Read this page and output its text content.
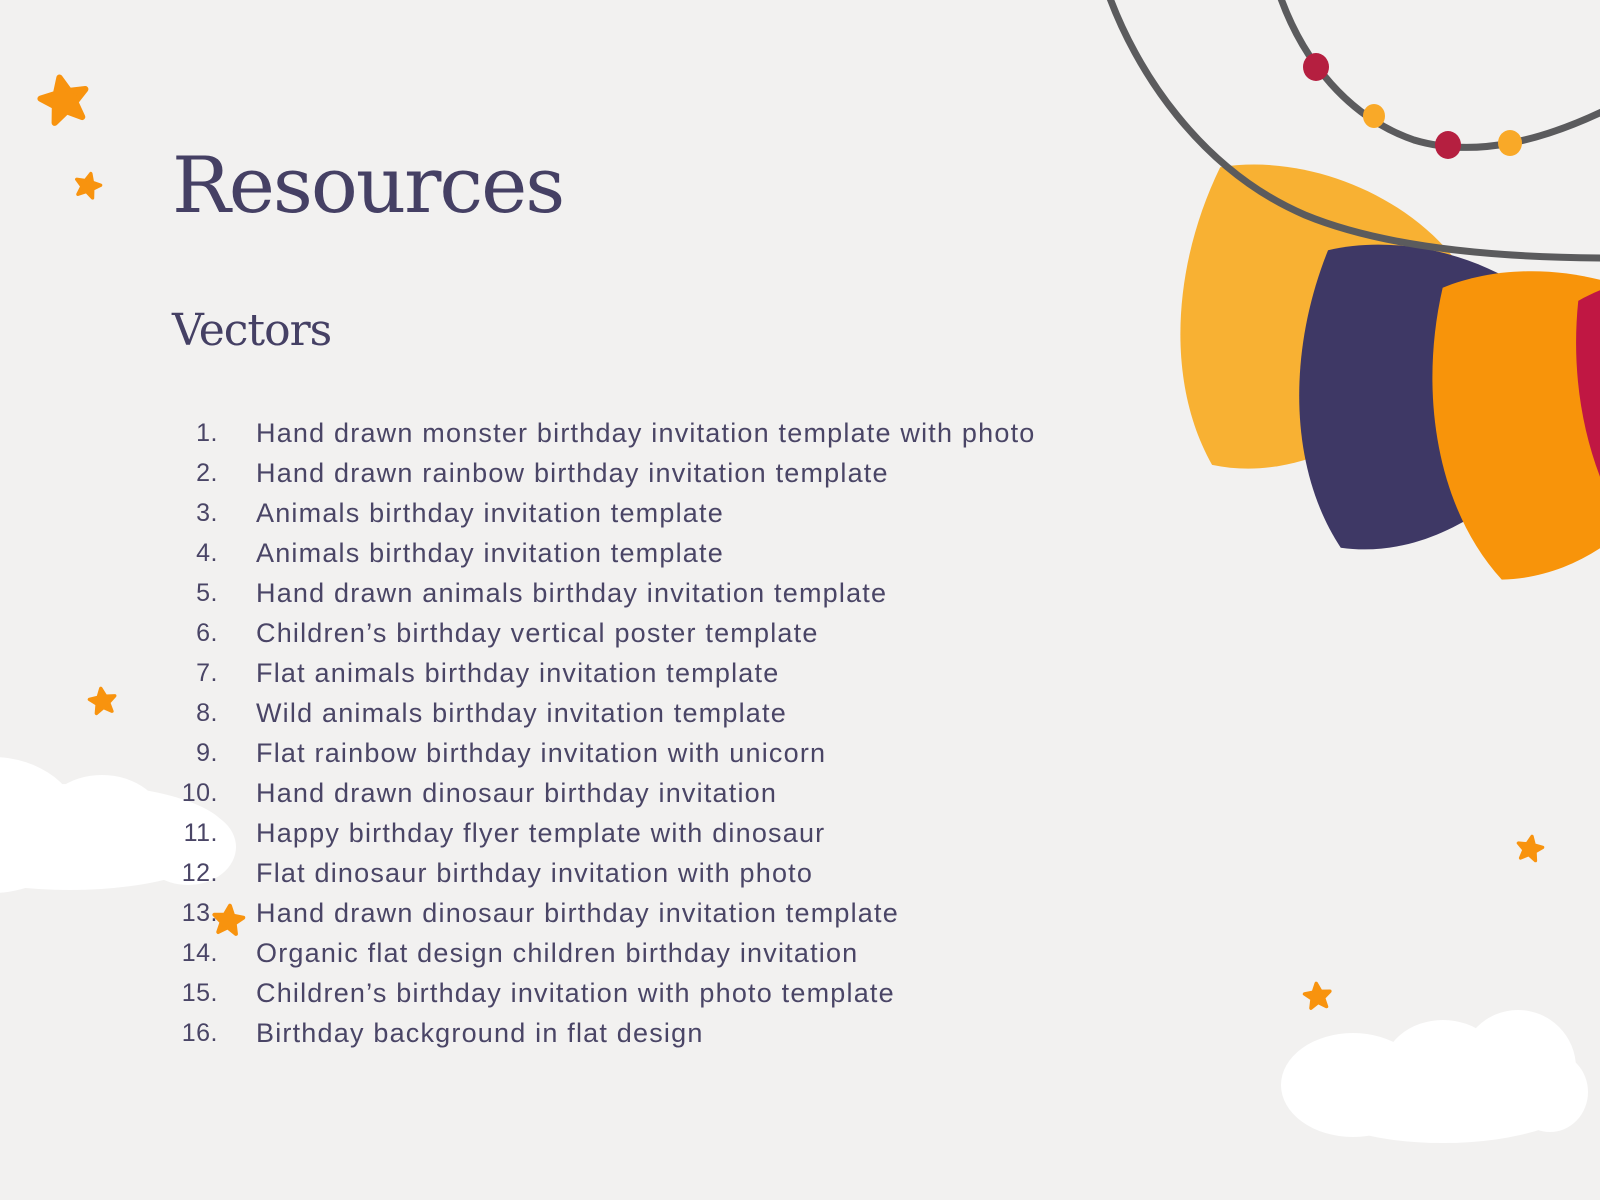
Resources
Vectors
1. Hand drawn monster birthday invitation template with photo
2. Hand drawn rainbow birthday invitation template
3. Animals birthday invitation template
4. Animals birthday invitation template
5. Hand drawn animals birthday invitation template
6. Children’s birthday vertical poster template
7. Flat animals birthday invitation template
8. Wild animals birthday invitation template
9. Flat rainbow birthday invitation with unicorn
10. Hand drawn dinosaur birthday invitation
11. Happy birthday flyer template with dinosaur
12. Flat dinosaur birthday invitation with photo
13. Hand drawn dinosaur birthday invitation template
14. Organic flat design children birthday invitation
15. Children’s birthday invitation with photo template
16. Birthday background in flat design
